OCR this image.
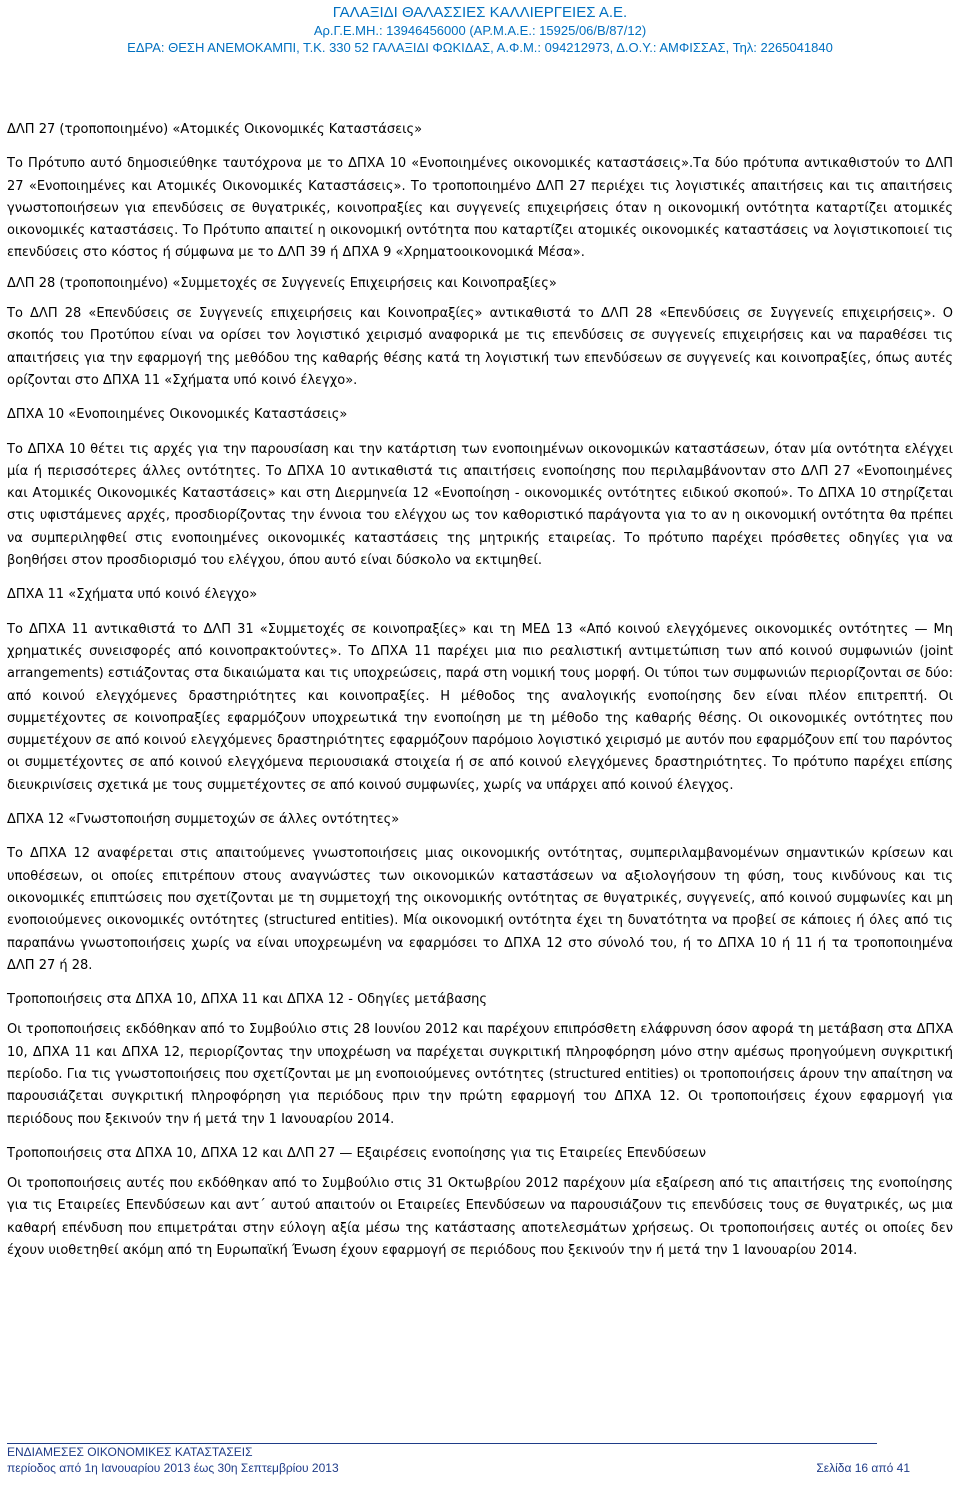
ΓΑΛΑΞΙΔΙ ΘΑΛΑΣΣΙΕΣ ΚΑΛΛΙΕΡΓΕΙΕΣ Α.Ε.
Αρ.Γ.Ε.ΜΗ.: 13946456000 (ΑΡ.Μ.Α.Ε.: 15925/06/Β/87/12)
ΕΔΡΑ: ΘΕΣΗ ΑΝΕΜΟΚΑΜΠΙ, Τ.Κ. 330 52 ΓΑΛΑΞΙΔΙ ΦΩΚΙΔΑΣ, Α.Φ.Μ.: 094212973, Δ.Ο.Υ.: ΑΜΦΙΣΣΑΣ, Τηλ: 2265041840

ΔΛΠ 27 (τροποποιημένο) «Ατομικές Οικονομικές Καταστάσεις»

Το Πρότυπο αυτό δημοσιεύθηκε ταυτόχρονα με το ΔΠΧΑ 10 «Ενοποιημένες οικονομικές καταστάσεις».Τα δύο πρότυπα αντικαθιστούν το ΔΛΠ 27 «Ενοποιημένες και Ατομικές Οικονομικές Καταστάσεις». Το τροποποιημένο ΔΛΠ 27 περιέχει τις λογιστικές απαιτήσεις και τις απαιτήσεις γνωστοποιήσεων για επενδύσεις σε θυγατρικές, κοινοπραξίες και συγγενείς επιχειρήσεις όταν η οικονομική οντότητα καταρτίζει ατομικές οικονομικές καταστάσεις. Το Πρότυπο απαιτεί η οικονομική οντότητα που καταρτίζει ατομικές οικονομικές καταστάσεις να λογιστικοποιεί τις επενδύσεις στο κόστος ή σύμφωνα με το ΔΛΠ 39 ή ΔΠΧΑ 9 «Χρηματοοικονομικά Μέσα».

ΔΛΠ 28 (τροποποιημένο) «Συμμετοχές σε Συγγενείς Επιχειρήσεις και Κοινοπραξίες»

Το ΔΛΠ 28 «Επενδύσεις σε Συγγενείς επιχειρήσεις και Κοινοπραξίες» αντικαθιστά το ΔΛΠ 28 «Επενδύσεις σε Συγγενείς επιχειρήσεις». Ο σκοπός του Προτύπου είναι να ορίσει τον λογιστικό χειρισμό αναφορικά με τις επενδύσεις σε συγγενείς επιχειρήσεις και να παραθέσει τις απαιτήσεις για την εφαρμογή της μεθόδου της καθαρής θέσης κατά τη λογιστική των επενδύσεων σε συγγενείς και κοινοπραξίες, όπως αυτές ορίζονται στο ΔΠΧΑ 11 «Σχήματα υπό κοινό έλεγχο».

ΔΠΧΑ 10 «Ενοποιημένες Οικονομικές Καταστάσεις»

Το ΔΠΧΑ 10 θέτει τις αρχές για την παρουσίαση και την κατάρτιση των ενοποιημένων οικονομικών καταστάσεων, όταν μία οντότητα ελέγχει μία ή περισσότερες άλλες οντότητες. Το ΔΠΧΑ 10 αντικαθιστά τις απαιτήσεις ενοποίησης που περιλαμβάνονταν στο ΔΛΠ 27 «Ενοποιημένες και Ατομικές Οικονομικές Καταστάσεις» και στη Διερμηνεία 12 «Ενοποίηση - οικονομικές οντότητες ειδικού σκοπού». Το ΔΠΧΑ 10 στηρίζεται στις υφιστάμενες αρχές, προσδιορίζοντας την έννοια του ελέγχου ως τον καθοριστικό παράγοντα για το αν η οικονομική οντότητα θα πρέπει να συμπεριληφθεί στις ενοποιημένες οικονομικές καταστάσεις της μητρικής εταιρείας. Το πρότυπο παρέχει πρόσθετες οδηγίες για να βοηθήσει στον προσδιορισμό του ελέγχου, όπου αυτό είναι δύσκολο να εκτιμηθεί.

ΔΠΧΑ 11 «Σχήματα υπό κοινό έλεγχο»

Το ΔΠΧΑ 11 αντικαθιστά το ΔΛΠ 31 «Συμμετοχές σε κοινοπραξίες» και τη ΜΕΔ 13 «Από κοινού ελεγχόμενες οικονομικές οντότητες — Μη χρηματικές συνεισφορές από κοινοπρακτούντες». Το ΔΠΧΑ 11 παρέχει μια πιο ρεαλιστική αντιμετώπιση των από κοινού συμφωνιών (joint arrangements) εστιάζοντας στα δικαιώματα και τις υποχρεώσεις, παρά στη νομική τους μορφή. Οι τύποι των συμφωνιών περιορίζονται σε δύο: από κοινού ελεγχόμενες δραστηριότητες και κοινοπραξίες. Η μέθοδος της αναλογικής ενοποίησης δεν είναι πλέον επιτρεπτή. Οι συμμετέχοντες σε κοινοπραξίες εφαρμόζουν υποχρεωτικά την ενοποίηση με τη μέθοδο της καθαρής θέσης. Οι οικονομικές οντότητες που συμμετέχουν σε από κοινού ελεγχόμενες δραστηριότητες εφαρμόζουν παρόμοιο λογιστικό χειρισμό με αυτόν που εφαρμόζουν επί του παρόντος οι συμμετέχοντες σε από κοινού ελεγχόμενα περιουσιακά στοιχεία ή σε από κοινού ελεγχόμενες δραστηριότητες. Το πρότυπο παρέχει επίσης διευκρινίσεις σχετικά με τους συμμετέχοντες σε από κοινού συμφωνίες, χωρίς να υπάρχει από κοινού έλεγχος.

ΔΠΧΑ 12 «Γνωστοποιήση συμμετοχών σε άλλες οντότητες»

Το ΔΠΧΑ 12 αναφέρεται στις απαιτούμενες γνωστοποιήσεις μιας οικονομικής οντότητας, συμπεριλαμβανομένων σημαντικών κρίσεων και υποθέσεων, οι οποίες επιτρέπουν στους αναγνώστες των οικονομικών καταστάσεων να αξιολογήσουν τη φύση, τους κινδύνους και τις οικονομικές επιπτώσεις που σχετίζονται με τη συμμετοχή της οικονομικής οντότητας σε θυγατρικές, συγγενείς, από κοινού συμφωνίες και μη ενοποιούμενες οικονομικές οντότητες (structured entities). Μία οικονομική οντότητα έχει τη δυνατότητα να προβεί σε κάποιες ή όλες από τις παραπάνω γνωστοποιήσεις χωρίς να είναι υποχρεωμένη να εφαρμόσει το ΔΠΧΑ 12 στο σύνολό του, ή το ΔΠΧΑ 10 ή 11 ή τα τροποποιημένα ΔΛΠ 27 ή 28.

Τροποποιήσεις στα ΔΠΧΑ 10, ΔΠΧΑ 11 και ΔΠΧΑ 12 - Οδηγίες μετάβασης

Οι τροποποιήσεις εκδόθηκαν από το Συμβούλιο στις 28 Ιουνίου 2012 και παρέχουν επιπρόσθετη ελάφρυνση όσον αφορά τη μετάβαση στα ΔΠΧΑ 10, ΔΠΧΑ 11 και ΔΠΧΑ 12, περιορίζοντας την υποχρέωση να παρέχεται συγκριτική πληροφόρηση μόνο στην αμέσως προηγούμενη συγκριτική περίοδο. Για τις γνωστοποιήσεις που σχετίζονται με μη ενοποιούμενες οντότητες (structured entities) οι τροποποιήσεις άρουν την απαίτηση να παρουσιάζεται συγκριτική πληροφόρηση για περιόδους πριν την πρώτη εφαρμογή του ΔΠΧΑ 12. Οι τροποποιήσεις έχουν εφαρμογή για περιόδους που ξεκινούν την ή μετά την 1 Ιανουαρίου 2014.

Τροποποιήσεις στα ΔΠΧΑ 10, ΔΠΧΑ 12 και ΔΛΠ 27 — Εξαιρέσεις ενοποίησης για τις Εταιρείες Επενδύσεων

Οι τροποποιήσεις αυτές που εκδόθηκαν από το Συμβούλιο στις 31 Οκτωβρίου 2012 παρέχουν μία εξαίρεση από τις απαιτήσεις της ενοποίησης για τις Εταιρείες Επενδύσεων και αντ΄ αυτού απαιτούν οι Εταιρείες Επενδύσεων να παρουσιάζουν τις επενδύσεις τους σε θυγατρικές, ως μια καθαρή επένδυση που επιμετράται στην εύλογη αξία μέσω της κατάστασης αποτελεσμάτων χρήσεως. Οι τροποποιήσεις αυτές οι οποίες δεν έχουν υιοθετηθεί ακόμη από τη Ευρωπαϊκή Ένωση έχουν εφαρμογή σε περιόδους που ξεκινούν την ή μετά την 1 Ιανουαρίου 2014.

ΕΝΔΙΑΜΕΣΕΣ ΟΙΚΟΝΟΜΙΚΕΣ ΚΑΤΑΣΤΑΣΕΙΣ
περίοδος από 1η Ιανουαρίου 2013 έως 30η Σεπτεμβρίου 2013	Σελίδα 16 από 41
